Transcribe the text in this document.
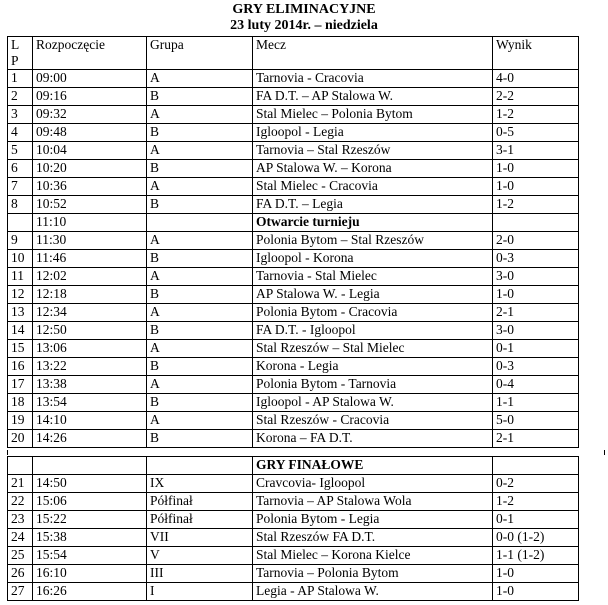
GRY ELIMINACYJNE
23 luty 2014r. – niedziela
L
P	Rozpoczęcie	Grupa	Mecz	Wynik
1	09:00	A	Tarnovia - Cracovia	4-0
2	09:16	B	FA D.T. – AP Stalowa W.	2-2
3	09:32	A	Stal Mielec – Polonia Bytom	1-2
4	09:48	B	Igloopol - Legia	0-5
5	10:04	A	Tarnovia – Stal Rzeszów	3-1
6	10:20	B	AP Stalowa W. – Korona	1-0
7	10:36	A	Stal Mielec - Cracovia	1-0
8	10:52	B	FA D.T. – Legia	1-2
	11:10		Otwarcie turnieju	
9	11:30	A	Polonia Bytom – Stal Rzeszów	2-0
10	11:46	B	Igloopol - Korona	0-3
11	12:02	A	Tarnovia - Stal Mielec	3-0
12	12:18	B	AP Stalowa W. - Legia	1-0
13	12:34	A	Polonia Bytom - Cracovia	2-1
14	12:50	B	FA D.T. - Igloopol	3-0
15	13:06	A	Stal Rzeszów – Stal Mielec	0-1
16	13:22	B	Korona - Legia	0-3
17	13:38	A	Polonia Bytom - Tarnovia	0-4
18	13:54	B	Igloopol - AP Stalowa W.	1-1
19	14:10	A	Stal Rzeszów - Cracovia	5-0
20	14:26	B	Korona – FA D.T.	2-1
			GRY FINAŁOWE	
21	14:50	IX	Cravcovia- Igloopol	0-2
22	15:06	Półfinał	Tarnovia – AP Stalowa Wola	1-2
23	15:22	Półfinał	Polonia Bytom - Legia	0-1
24	15:38	VII	Stal Rzeszów FA D.T.	0-0 (1-2)
25	15:54	V	Stal Mielec – Korona Kielce	1-1 (1-2)
26	16:10	III	Tarnovia – Polonia Bytom	1-0
27	16:26	I	Legia - AP Stalowa W.	1-0
